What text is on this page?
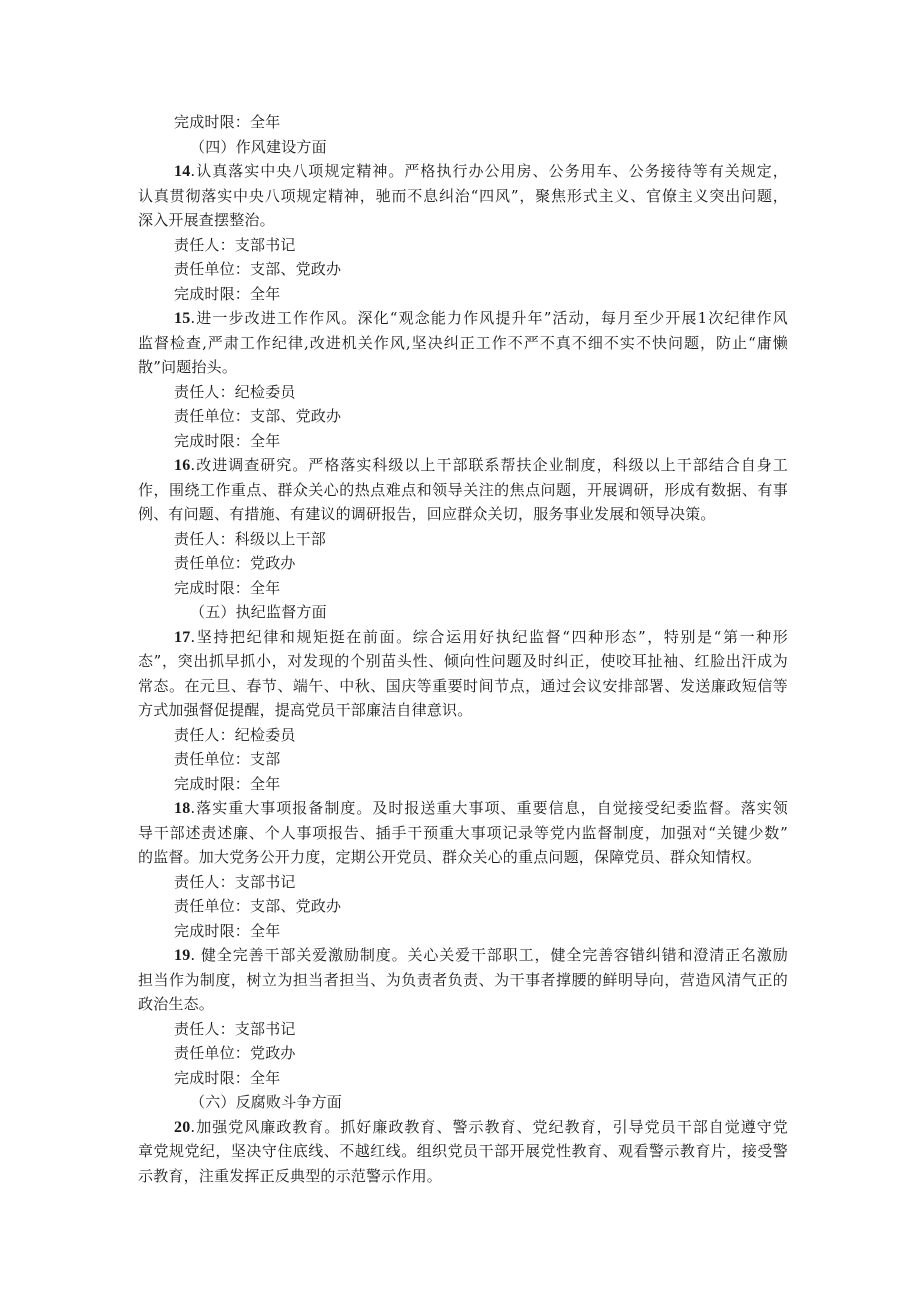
完成时限：全年
（四）作风建设方面
14.认真落实中央八项规定精神。严格执行办公用房、公务用车、公务接待等有关规定，
认真贯彻落实中央八项规定精神，驰而不息纠治“四风”，聚焦形式主义、官僚主义突出问题，
深入开展查摆整治。
责任人：支部书记
责任单位：支部、党政办
完成时限：全年
15.进一步改进工作作风。深化“观念能力作风提升年”活动，每月至少开展1次纪律作风
监督检查,严肃工作纪律,改进机关作风,坚决纠正工作不严不真不细不实不快问题，防止“庸懒
散”问题抬头。
责任人：纪检委员
责任单位：支部、党政办
完成时限：全年
16.改进调查研究。严格落实科级以上干部联系帮扶企业制度，科级以上干部结合自身工
作，围绕工作重点、群众关心的热点难点和领导关注的焦点问题，开展调研，形成有数据、有事
例、有问题、有措施、有建议的调研报告，回应群众关切，服务事业发展和领导决策。
责任人：科级以上干部
责任单位：党政办
完成时限：全年
（五）执纪监督方面
17.坚持把纪律和规矩挺在前面。综合运用好执纪监督“四种形态”，特别是“第一种形
态”，突出抓早抓小，对发现的个别苗头性、倾向性问题及时纠正，使咬耳扯袖、红脸出汗成为
常态。在元旦、春节、端午、中秋、国庆等重要时间节点，通过会议安排部署、发送廉政短信等
方式加强督促提醒，提高党员干部廉洁自律意识。
责任人：纪检委员
责任单位：支部
完成时限：全年
18.落实重大事项报备制度。及时报送重大事项、重要信息，自觉接受纪委监督。落实领
导干部述责述廉、个人事项报告、插手干预重大事项记录等党内监督制度，加强对“关键少数”
的监督。加大党务公开力度，定期公开党员、群众关心的重点问题，保障党员、群众知情权。
责任人：支部书记
责任单位：支部、党政办
完成时限：全年
19. 健全完善干部关爱激励制度。关心关爱干部职工，健全完善容错纠错和澄清正名激励
担当作为制度，树立为担当者担当、为负责者负责、为干事者撑腰的鲜明导向，营造风清气正的
政治生态。
责任人：支部书记
责任单位：党政办
完成时限：全年
（六）反腐败斗争方面
20.加强党风廉政教育。抓好廉政教育、警示教育、党纪教育，引导党员干部自觉遵守党
章党规党纪，坚决守住底线、不越红线。组织党员干部开展党性教育、观看警示教育片，接受警
示教育，注重发挥正反典型的示范警示作用。
